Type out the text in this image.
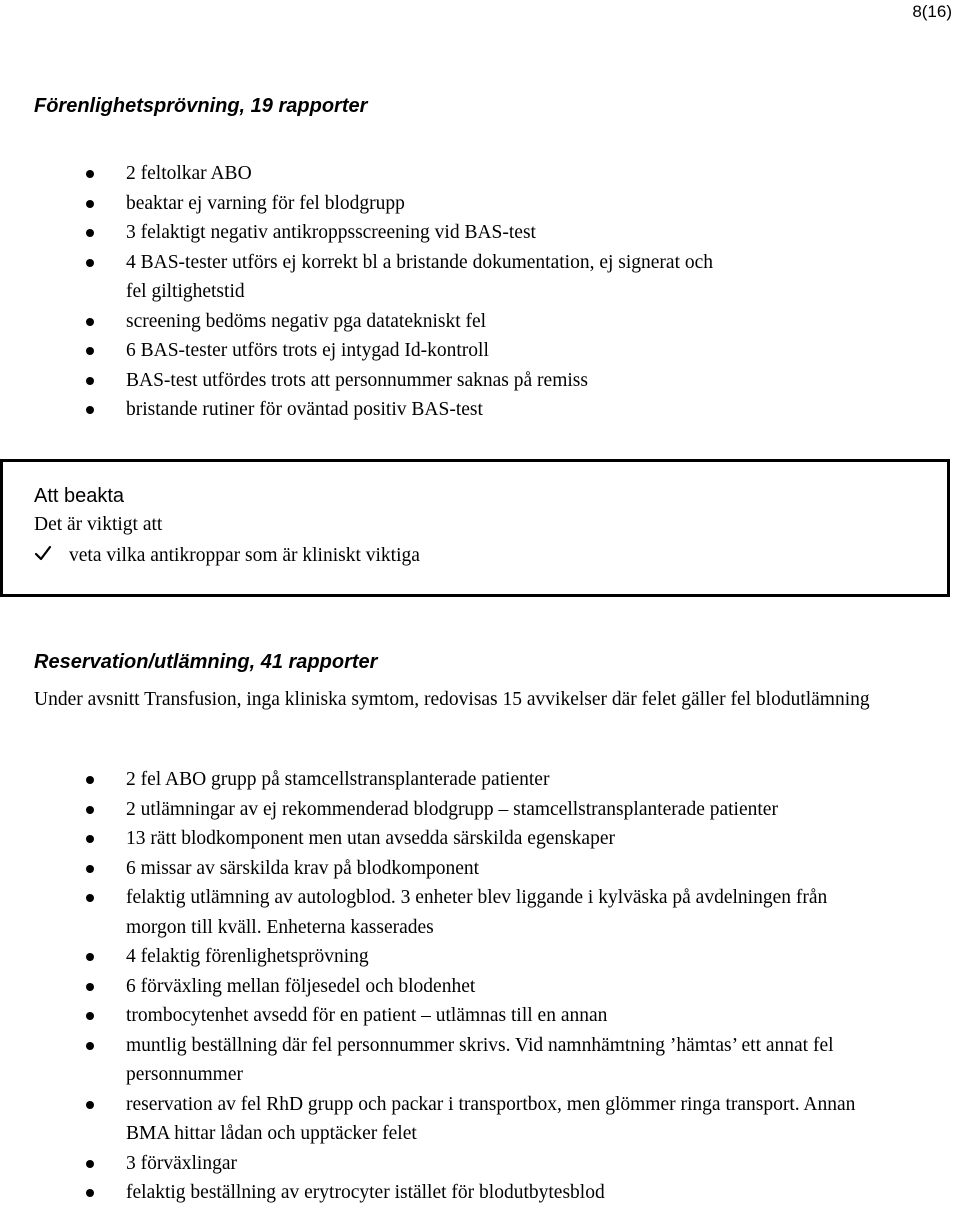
8(16)
Förenlighetsprövning, 19 rapporter
2 feltolkar ABO
beaktar ej varning för fel blodgrupp
3 felaktigt negativ antikroppsscreening vid BAS-test
4 BAS-tester utförs ej korrekt bl a bristande dokumentation, ej signerat och fel giltighetstid
screening bedöms negativ pga datatekniskt fel
6 BAS-tester utförs trots ej intygad Id-kontroll
BAS-test utfördes trots att personnummer saknas på remiss
bristande rutiner för oväntad positiv BAS-test
Att beakta
Det är viktigt att
veta vilka antikroppar som är kliniskt viktiga
Reservation/utlämning, 41 rapporter

Under avsnitt Transfusion, inga kliniska symtom, redovisas 15 avvikelser där felet gäller fel blodutlämning

2 fel ABO grupp på stamcellstransplanterade patienter
2 utlämningar av ej rekommenderad blodgrupp – stamcellstransplanterade patienter
13 rätt blodkomponent men utan avsedda särskilda egenskaper
6 missar av särskilda krav på blodkomponent
felaktig utlämning av autologblod. 3 enheter blev liggande i kylväska på avdelningen från morgon till kväll. Enheterna kasserades
4 felaktig förenlighetsprövning
6 förväxling mellan följesedel och blodenhet
trombocytenhet avsedd för en patient – utlämnas till en annan
muntlig beställning där fel personnummer skrivs. Vid namnhämtning ’hämtas’ ett annat fel personnummer
reservation av fel RhD grupp och packar i transportbox, men glömmer ringa transport. Annan BMA hittar lådan och upptäcker felet
3 förväxlingar
felaktig beställning av erytrocyter istället för blodutbytesblod
